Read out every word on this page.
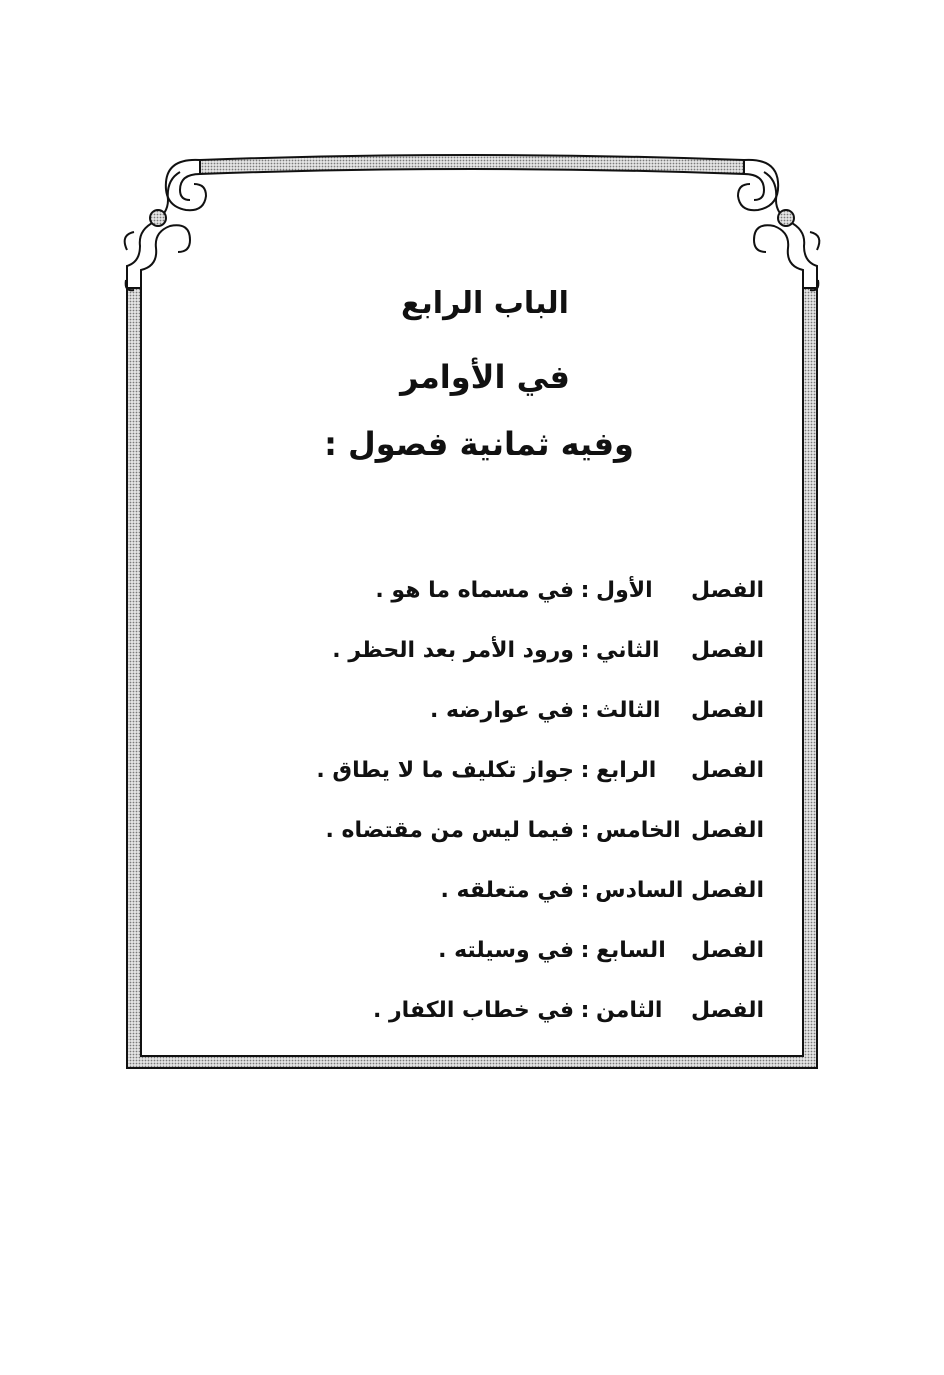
الباب الرابع
في الأوامر
وفيه ثمانية فصول :
الفصل الأول
:
في مسماه ما هو .
الفصل الثاني
:
ورود الأمر بعد الحظر .
الفصل الثالث
:
في عوارضه .
الفصل الرابع
:
جواز تكليف ما لا يطاق .
الفصل الخامس
:
فيما ليس من مقتضاه .
الفصل السادس
:
في متعلقه .
الفصل السابع
:
في وسيلته .
الفصل الثامن
:
في خطاب الكفار .
